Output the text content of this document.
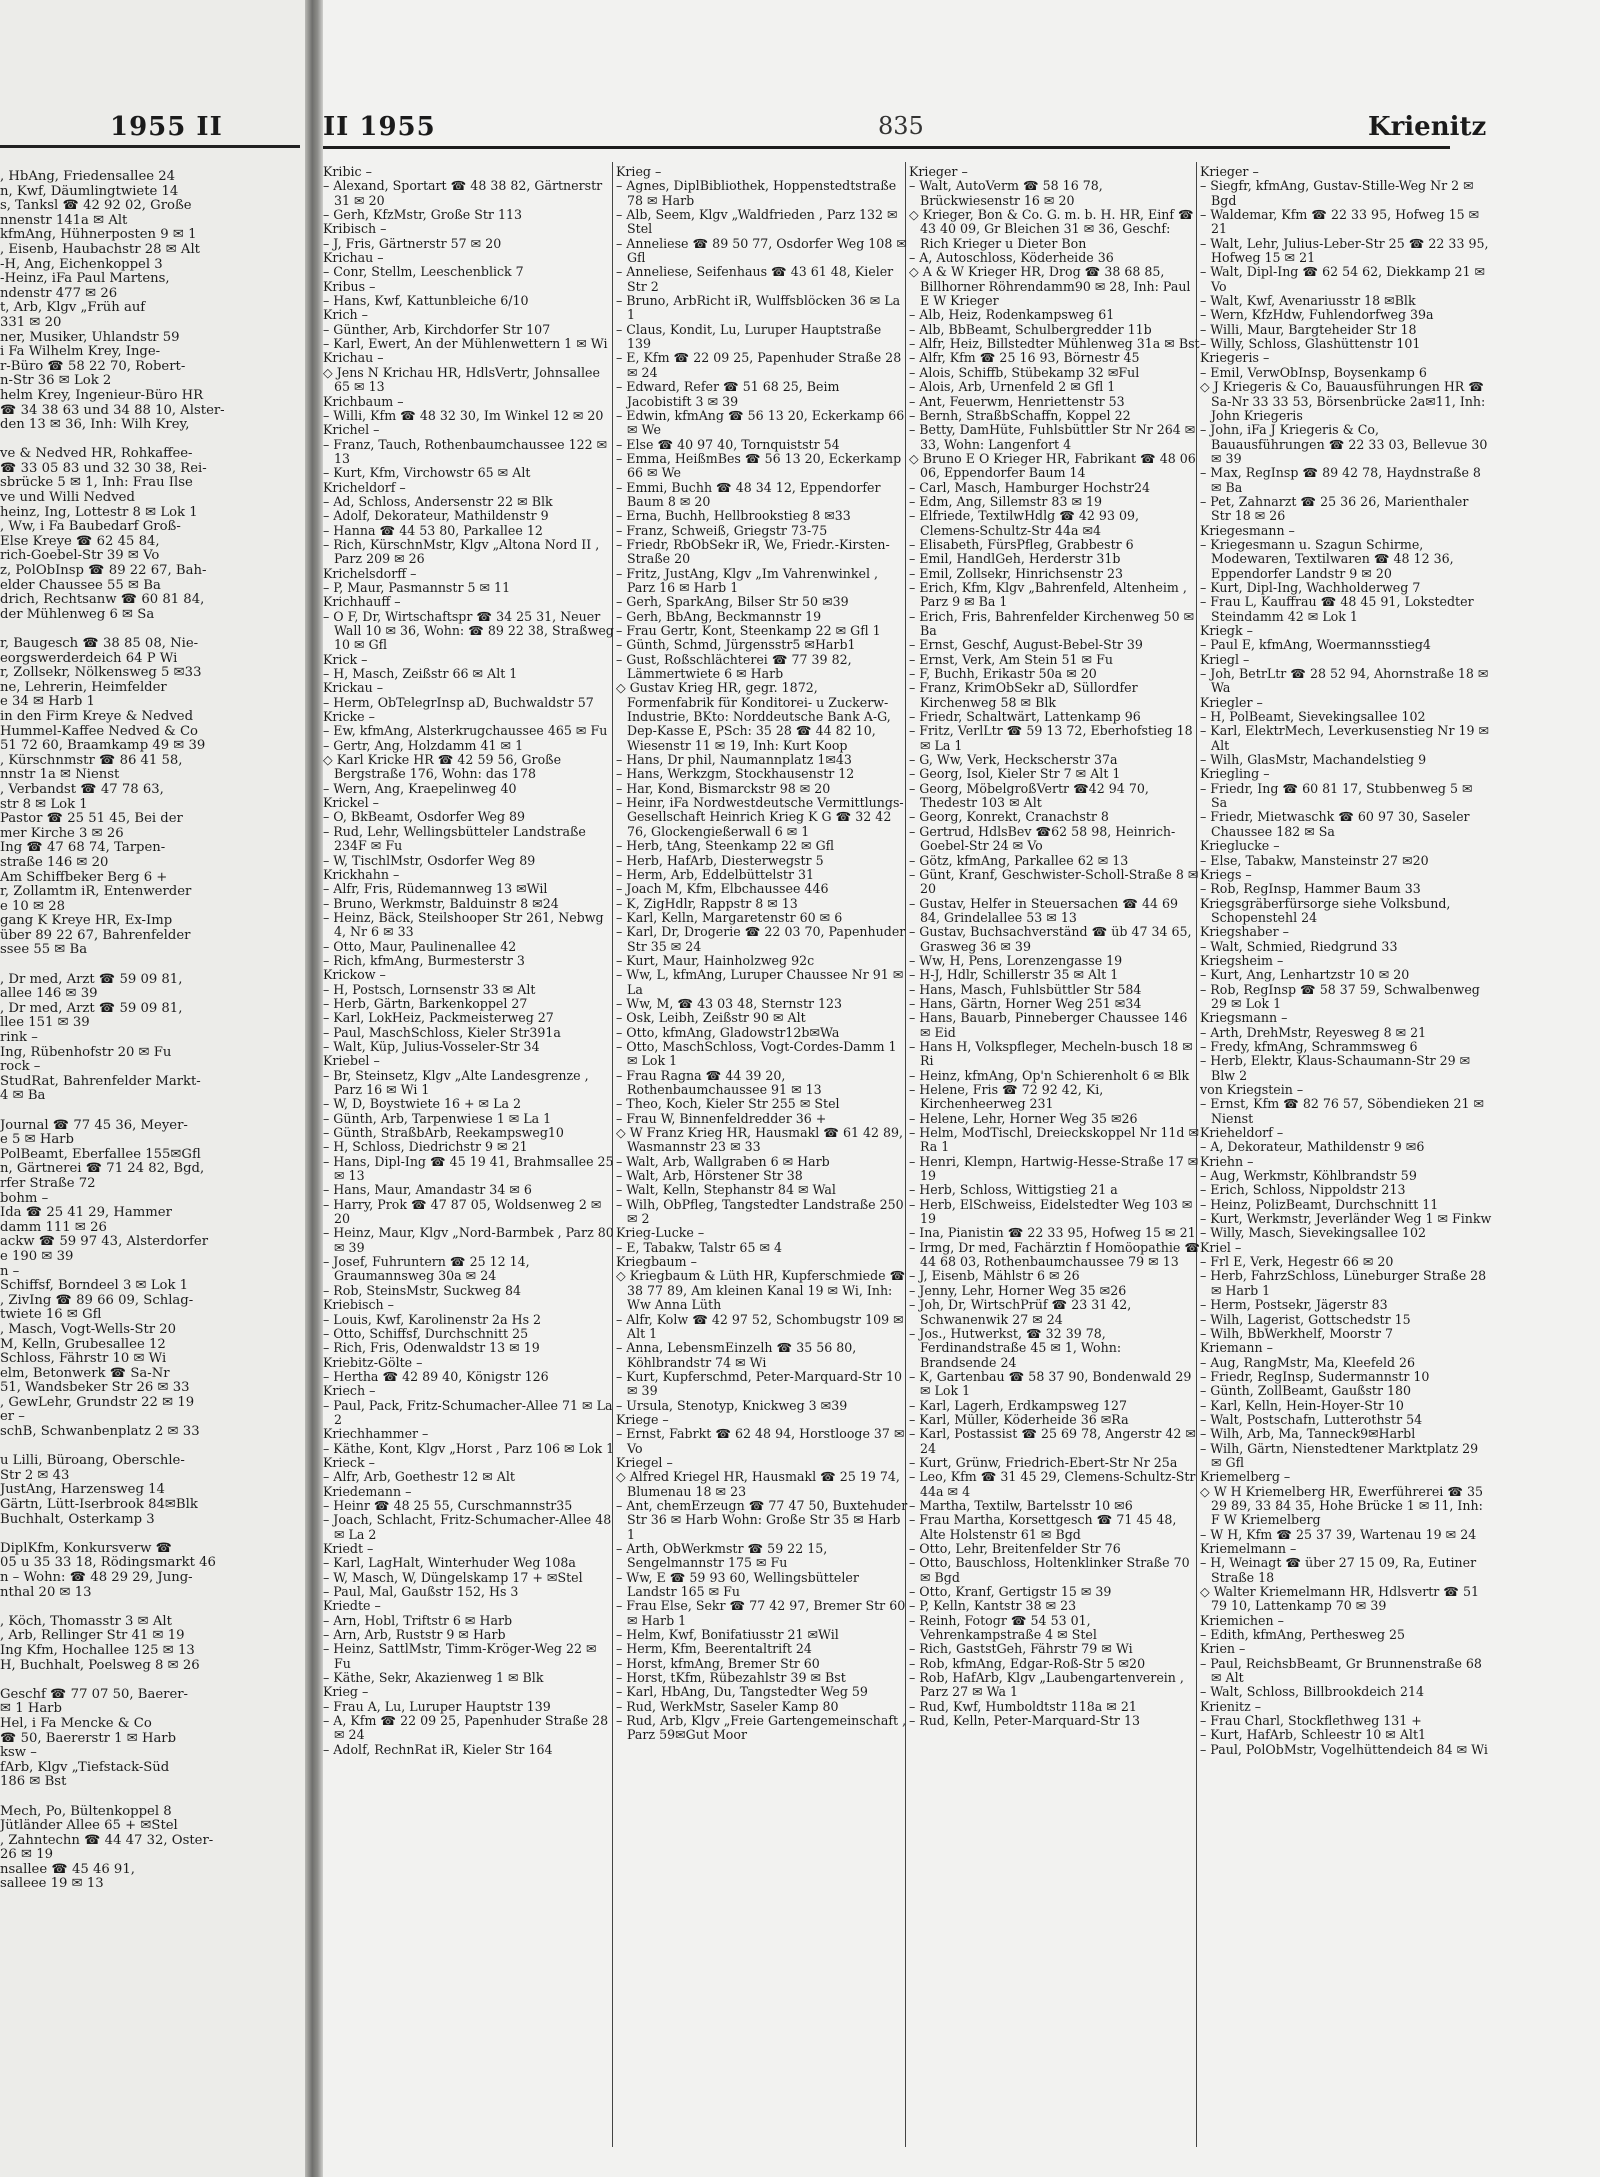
1955 II
, HbAng, Friedensallee 24
n, Kwf, Däumlingtwiete 14
s, Tanksl ☎ 42 92 02, Große
nnenstr 141a ✉ Alt
kfmAng, Hühnerposten 9 ✉ 1
, Eisenb, Haubachstr 28 ✉ Alt
-H, Ang, Eichenkoppel 3
-Heinz, iFa Paul Martens,
ndenstr 477 ✉ 26
t, Arb, Klgv „Früh auf
331 ✉ 20
ner, Musiker, Uhlandstr 59
i Fa Wilhelm Krey, Inge-
r-Büro ☎ 58 22 70, Robert-
n-Str 36 ✉ Lok 2
helm Krey, Ingenieur-Büro HR
☎ 34 38 63 und 34 88 10, Alster-
den 13 ✉ 36, Inh: Wilh Krey,

ve & Nedved HR, Rohkaffee-
☎ 33 05 83 und 32 30 38, Rei-
sbrücke 5 ✉ 1, Inh: Frau Ilse
ve und Willi Nedved
heinz, Ing, Lottestr 8 ✉ Lok 1
, Ww, i Fa Baubedarf Groß-
Else Kreye ☎ 62 45 84,
rich-Goebel-Str 39 ✉ Vo
z, PolObInsp ☎ 89 22 67, Bah-
elder Chaussee 55 ✉ Ba
drich, Rechtsanw ☎ 60 81 84,
der Mühlenweg 6 ✉ Sa

r, Baugesch ☎ 38 85 08, Nie-
eorgswerderdeich 64 P Wi
r, Zollsekr, Nölkensweg 5 ✉33
ne, Lehrerin, Heimfelder
e 34 ✉ Harb 1
in den Firm Kreye & Nedved
Hummel-Kaffee Nedved & Co
51 72 60, Braamkamp 49 ✉ 39
, Kürschnmstr ☎ 86 41 58,
nnstr 1a ✉ Nienst
, Verbandst ☎ 47 78 63,
str 8 ✉ Lok 1
Pastor ☎ 25 51 45, Bei der
mer Kirche 3 ✉ 26
Ing ☎ 47 68 74, Tarpen-
straße 146 ✉ 20
Am Schiffbeker Berg 6 +
r, Zollamtm iR, Entenwerder
e 10 ✉ 28
gang K Kreye HR, Ex-Imp
über 89 22 67, Bahrenfelder
ssee 55 ✉ Ba

, Dr med, Arzt ☎ 59 09 81,
allee 146 ✉ 39
, Dr med, Arzt ☎ 59 09 81,
llee 151 ✉ 39
rink –
Ing, Rübenhofstr 20 ✉ Fu
rock –
StudRat, Bahrenfelder Markt-
4 ✉ Ba

Journal ☎ 77 45 36, Meyer-
e 5 ✉ Harb
PolBeamt, Eberfallee 155✉Gfl
n, Gärtnerei ☎ 71 24 82, Bgd,
rfer Straße 72
bohm –
Ida ☎ 25 41 29, Hammer
damm 111 ✉ 26
ackw ☎ 59 97 43, Alsterdorfer
e 190 ✉ 39
n –
Schiffsf, Borndeel 3 ✉ Lok 1
, ZivIng ☎ 89 66 09, Schlag-
twiete 16 ✉ Gfl
, Masch, Vogt-Wells-Str 20
M, Kelln, Grubesallee 12
Schloss, Fährstr 10 ✉ Wi
elm, Betonwerk ☎ Sa-Nr
51, Wandsbeker Str 26 ✉ 33
, GewLehr, Grundstr 22 ✉ 19
er –
schB, Schwanbenplatz 2 ✉ 33

u Lilli, Büroang, Oberschle-
Str 2 ✉ 43
JustAng, Harzensweg 14
Gärtn, Lütt-Iserbrook 84✉Blk
Buchhalt, Osterkamp 3

DiplKfm, Konkursverw ☎
05 u 35 33 18, Rödingsmarkt 46
n – Wohn: ☎ 48 29 29, Jung-
nthal 20 ✉ 13

, Köch, Thomasstr 3 ✉ Alt
, Arb, Rellinger Str 41 ✉ 19
Ing Kfm, Hochallee 125 ✉ 13
H, Buchhalt, Poelsweg 8 ✉ 26

Geschf ☎ 77 07 50, Baerer-
✉ 1 Harb
Hel, i Fa Mencke & Co
☎ 50, Baererstr 1 ✉ Harb
ksw –
fArb, Klgv „Tiefstack-Süd
186 ✉ Bst

Mech, Po, Bültenkoppel 8
Jütländer Allee 65 + ✉Stel
, Zahntechn ☎ 44 47 32, Oster-
26 ✉ 19
nsallee ☎ 45 46 91,
salleee 19 ✉ 13
II 1955	835	Krienitz

Kribic –

– Alexand, Sportart ☎ 48 38 82, Gärtnerstr 31 ✉ 20

– Gerh, KfzMstr, Große Str 113

Kribisch –

– J, Fris, Gärtnerstr 57 ✉ 20

Krichau –

– Conr, Stellm, Leeschenblick 7

Kribus –

– Hans, Kwf, Kattunbleiche 6/10

Krich –

– Günther, Arb, Kirchdorfer Str 107

– Karl, Ewert, An der Mühlenwettern 1 ✉ Wi

Krichau –

◇ Jens N Krichau HR, HdlsVertr, Johnsallee 65 ✉ 13

Krichbaum –

– Willi, Kfm ☎ 48 32 30, Im Winkel 12 ✉ 20

Krichel –

– Franz, Tauch, Rothenbaumchaussee 122 ✉ 13

– Kurt, Kfm, Virchowstr 65 ✉ Alt

Kricheldorf –

– Ad, Schloss, Andersenstr 22 ✉ Blk

– Adolf, Dekorateur, Mathildenstr 9

– Hanna ☎ 44 53 80, Parkallee 12

– Rich, KürschnMstr, Klgv „Altona Nord II , Parz 209 ✉ 26

Krichelsdorff –

– P, Maur, Pasmannstr 5 ✉ 11

Krichhauff –

– O F, Dr, Wirtschaftspr ☎ 34 25 31, Neuer Wall 10 ✉ 36, Wohn: ☎ 89 22 38, Straßweg 10 ✉ Gfl

Krick –

– H, Masch, Zeißstr 66 ✉ Alt 1

Krickau –

– Herm, ObTelegrInsp aD, Buchwaldstr 57

Kricke –

– Ew, kfmAng, Alsterkrugchaussee 465 ✉ Fu

– Gertr, Ang, Holzdamm 41 ✉ 1

◇ Karl Kricke HR ☎ 42 59 56, Große Bergstraße 176, Wohn: das 178

– Wern, Ang, Kraepelinweg 40

Krickel –

– O, BkBeamt, Osdorfer Weg 89

– Rud, Lehr, Wellingsbütteler Landstraße 234F ✉ Fu

– W, TischlMstr, Osdorfer Weg 89

Krickhahn –

– Alfr, Fris, Rüdemannweg 13 ✉Wil

– Bruno, Werkmstr, Balduinstr 8 ✉24

– Heinz, Bäck, Steilshooper Str 261, Nebwg 4, Nr 6 ✉ 33

– Otto, Maur, Paulinenallee 42

– Rich, kfmAng, Burmesterstr 3

Krickow –

– H, Postsch, Lornsenstr 33 ✉ Alt

– Herb, Gärtn, Barkenkoppel 27

– Karl, LokHeiz, Packmeisterweg 27

– Paul, MaschSchloss, Kieler Str391a

– Walt, Küp, Julius-Vosseler-Str 34

Kriebel –

– Br, Steinsetz, Klgv „Alte Landesgrenze , Parz 16 ✉ Wi 1

– W, D, Boystwiete 16 + ✉ La 2

– Günth, Arb, Tarpenwiese 1 ✉ La 1

– Günth, StraßbArb, Reekampsweg10

– H, Schloss, Diedrichstr 9 ✉ 21

– Hans, Dipl-Ing ☎ 45 19 41, Brahmsallee 25 ✉ 13

– Hans, Maur, Amandastr 34 ✉ 6

– Harry, Prok ☎ 47 87 05, Woldsenweg 2 ✉ 20

– Heinz, Maur, Klgv „Nord-Barmbek , Parz 80 ✉ 39

– Josef, Fuhruntern ☎ 25 12 14, Graumannsweg 30a ✉ 24

– Rob, SteinsMstr, Suckweg 84

Kriebisch –

– Louis, Kwf, Karolinenstr 2a Hs 2

– Otto, Schiffsf, Durchschnitt 25

– Rich, Fris, Odenwaldstr 13 ✉ 19

Kriebitz-Gölte –

– Hertha ☎ 42 89 40, Königstr 126

Kriech –

– Paul, Pack, Fritz-Schumacher-Allee 71 ✉ La 2

Kriechhammer –

– Käthe, Kont, Klgv „Horst , Parz 106 ✉ Lok 1

Krieck –

– Alfr, Arb, Goethestr 12 ✉ Alt

Kriedemann –

– Heinr ☎ 48 25 55, Curschmannstr35

– Joach, Schlacht, Fritz-Schumacher-Allee 48 ✉ La 2

Kriedt –

– Karl, LagHalt, Winterhuder Weg 108a

– W, Masch, W, Düngelskamp 17 + ✉Stel

– Paul, Mal, Gaußstr 152, Hs 3

Kriedte –

– Arn, Hobl, Triftstr 6 ✉ Harb

– Arn, Arb, Ruststr 9 ✉ Harb

– Heinz, SattlMstr, Timm-Kröger-Weg 22 ✉ Fu

– Käthe, Sekr, Akazienweg 1 ✉ Blk

Krieg –

– Frau A, Lu, Luruper Hauptstr 139

– A, Kfm ☎ 22 09 25, Papenhuder Straße 28 ✉ 24

– Adolf, RechnRat iR, Kieler Str 164

Krieg –

– Agnes, DiplBibliothek, Hoppenstedtstraße 78 ✉ Harb

– Alb, Seem, Klgv „Waldfrieden , Parz 132 ✉ Stel

– Anneliese ☎ 89 50 77, Osdorfer Weg 108 ✉ Gfl

– Anneliese, Seifenhaus ☎ 43 61 48, Kieler Str 2

– Bruno, ArbRicht iR, Wulffsblöcken 36 ✉ La 1

– Claus, Kondit, Lu, Luruper Hauptstraße 139

– E, Kfm ☎ 22 09 25, Papenhuder Straße 28 ✉ 24

– Edward, Refer ☎ 51 68 25, Beim Jacobistift 3 ✉ 39

– Edwin, kfmAng ☎ 56 13 20, Eckerkamp 66 ✉ We

– Else ☎ 40 97 40, Tornquiststr 54

– Emma, HeißmBes ☎ 56 13 20, Eckerkamp 66 ✉ We

– Emmi, Buchh ☎ 48 34 12, Eppendorfer Baum 8 ✉ 20

– Erna, Buchh, Hellbrookstieg 8 ✉33

– Franz, Schweiß, Griegstr 73-75

– Friedr, RbObSekr iR, We, Friedr.-Kirsten-Straße 20

– Fritz, JustAng, Klgv „Im Vahrenwinkel , Parz 16 ✉ Harb 1

– Gerh, SparkAng, Bilser Str 50 ✉39

– Gerh, BbAng, Beckmannstr 19

– Frau Gertr, Kont, Steenkamp 22 ✉ Gfl 1

– Günth, Schmd, Jürgensstr5 ✉Harb1

– Gust, Roßschlächterei ☎ 77 39 82, Lämmertwiete 6 ✉ Harb

◇ Gustav Krieg HR, gegr. 1872, Formenfabrik für Konditorei- u Zuckerw-Industrie, BKto: Norddeutsche Bank A-G, Dep-Kasse E, PSch: 35 28 ☎ 44 82 10, Wiesenstr 11 ✉ 19, Inh: Kurt Koop

– Hans, Dr phil, Naumannplatz 1✉43

– Hans, Werkzgm, Stockhausenstr 12

– Har, Kond, Bismarckstr 98 ✉ 20

– Heinr, iFa Nordwestdeutsche Vermittlungs-Gesellschaft Heinrich Krieg K G ☎ 32 42 76, Glockengießerwall 6 ✉ 1

– Herb, tAng, Steenkamp 22 ✉ Gfl

– Herb, HafArb, Diesterwegstr 5

– Herm, Arb, Eddelbüttelstr 31

– Joach M, Kfm, Elbchaussee 446

– K, ZigHdlr, Rappstr 8 ✉ 13

– Karl, Kelln, Margaretenstr 60 ✉ 6

– Karl, Dr, Drogerie ☎ 22 03 70, Papenhuder Str 35 ✉ 24

– Kurt, Maur, Hainholzweg 92c

– Ww, L, kfmAng, Luruper Chaussee Nr 91 ✉ La

– Ww, M, ☎ 43 03 48, Sternstr 123

– Osk, Leibh, Zeißstr 90 ✉ Alt

– Otto, kfmAng, Gladowstr12b✉Wa

– Otto, MaschSchloss, Vogt-Cordes-Damm 1 ✉ Lok 1

– Frau Ragna ☎ 44 39 20, Rothenbaumchaussee 91 ✉ 13

– Theo, Koch, Kieler Str 255 ✉ Stel

– Frau W, Binnenfeldredder 36 +

◇ W Franz Krieg HR, Hausmakl ☎ 61 42 89, Wasmannstr 23 ✉ 33

– Walt, Arb, Wallgraben 6 ✉ Harb

– Walt, Arb, Hörstener Str 38

– Walt, Kelln, Stephanstr 84 ✉ Wal

– Wilh, ObPfleg, Tangstedter Landstraße 250 ✉ 2

Krieg-Lucke –

– E, Tabakw, Talstr 65 ✉ 4

Kriegbaum –

◇ Kriegbaum & Lüth HR, Kupferschmiede ☎ 38 77 89, Am kleinen Kanal 19 ✉ Wi, Inh: Ww Anna Lüth

– Alfr, Kolw ☎ 42 97 52, Schombugstr 109 ✉ Alt 1

– Anna, LebensmEinzelh ☎ 35 56 80, Köhlbrandstr 74 ✉ Wi

– Kurt, Kupferschmd, Peter-Marquard-Str 10 ✉ 39

– Ursula, Stenotyp, Knickweg 3 ✉39

Kriege –

– Ernst, Fabrkt ☎ 62 48 94, Horstlooge 37 ✉ Vo

Kriegel –

◇ Alfred Kriegel HR, Hausmakl ☎ 25 19 74, Blumenau 18 ✉ 23

– Ant, chemErzeugn ☎ 77 47 50, Buxtehuder Str 36 ✉ Harb Wohn: Große Str 35 ✉ Harb 1

– Arth, ObWerkmstr ☎ 59 22 15, Sengelmannstr 175 ✉ Fu

– Ww, E ☎ 59 93 60, Wellingsbütteler Landstr 165 ✉ Fu

– Frau Else, Sekr ☎ 77 42 97, Bremer Str 60 ✉ Harb 1

– Helm, Kwf, Bonifatiusstr 21 ✉Wil

– Herm, Kfm, Beerentaltrift 24

– Horst, kfmAng, Bremer Str 60

– Horst, tKfm, Rübezahlstr 39 ✉ Bst

– Karl, HbAng, Du, Tangstedter Weg 59

– Rud, WerkMstr, Saseler Kamp 80

– Rud, Arb, Klgv „Freie Gartengemeinschaft , Parz 59✉Gut Moor

Krieger –

– Walt, AutoVerm ☎ 58 16 78, Brückwiesenstr 16 ✉ 20

◇ Krieger, Bon & Co. G. m. b. H. HR, Einf ☎ 43 40 09, Gr Bleichen 31 ✉ 36, Geschf: Rich Krieger u Dieter Bon

– A, Autoschloss, Köderheide 36

◇ A & W Krieger HR, Drog ☎ 38 68 85, Billhorner Röhrendamm90 ✉ 28, Inh: Paul E W Krieger

– Alb, Heiz, Rodenkampsweg 61

– Alb, BbBeamt, Schulbergredder 11b

– Alfr, Heiz, Billstedter Mühlenweg 31a ✉ Bst

– Alfr, Kfm ☎ 25 16 93, Börnestr 45

– Alois, Schiffb, Stübekamp 32 ✉Ful

– Alois, Arb, Urnenfeld 2 ✉ Gfl 1

– Ant, Feuerwm, Henriettenstr 53

– Bernh, StraßbSchaffn, Koppel 22

– Betty, DamHüte, Fuhlsbüttler Str Nr 264 ✉ 33, Wohn: Langenfort 4

◇ Bruno E O Krieger HR, Fabrikant ☎ 48 06 06, Eppendorfer Baum 14

– Carl, Masch, Hamburger Hochstr24

– Edm, Ang, Sillemstr 83 ✉ 19

– Elfriede, TextilwHdlg ☎ 42 93 09, Clemens-Schultz-Str 44a ✉4

– Elisabeth, FürsPfleg, Grabbestr 6

– Emil, HandlGeh, Herderstr 31b

– Emil, Zollsekr, Hinrichsenstr 23

– Erich, Kfm, Klgv „Bahrenfeld, Altenheim , Parz 9 ✉ Ba 1

– Erich, Fris, Bahrenfelder Kirchenweg 50 ✉ Ba

– Ernst, Geschf, August-Bebel-Str 39

– Ernst, Verk, Am Stein 51 ✉ Fu

– F, Buchh, Erikastr 50a ✉ 20

– Franz, KrimObSekr aD, Süllordfer Kirchenweg 58 ✉ Blk

– Friedr, Schaltwärt, Lattenkamp 96

– Fritz, VerlLtr ☎ 59 13 72, Eberhofstieg 18 ✉ La 1

– G, Ww, Verk, Heckscherstr 37a

– Georg, Isol, Kieler Str 7 ✉ Alt 1

– Georg, MöbelgroßVertr ☎42 94 70, Thedestr 103 ✉ Alt

– Georg, Konrekt, Cranachstr 8

– Gertrud, HdlsBev ☎62 58 98, Heinrich-Goebel-Str 24 ✉ Vo

– Götz, kfmAng, Parkallee 62 ✉ 13

– Günt, Kranf, Geschwister-Scholl-Straße 8 ✉ 20

– Gustav, Helfer in Steuersachen ☎ 44 69 84, Grindelallee 53 ✉ 13

– Gustav, Buchsachverständ ☎ üb 47 34 65, Grasweg 36 ✉ 39

– Ww, H, Pens, Lorenzengasse 19

– H-J, Hdlr, Schillerstr 35 ✉ Alt 1

– Hans, Masch, Fuhlsbüttler Str 584

– Hans, Gärtn, Horner Weg 251 ✉34

– Hans, Bauarb, Pinneberger Chaussee 146 ✉ Eid

– Hans H, Volkspfleger, Mecheln-busch 18 ✉ Ri

– Heinz, kfmAng, Op'n Schierenholt 6 ✉ Blk

– Helene, Fris ☎ 72 92 42, Ki, Kirchenheerweg 231

– Helene, Lehr, Horner Weg 35 ✉26

– Helm, ModTischl, Dreieckskoppel Nr 11d ✉ Ra 1

– Henri, Klempn, Hartwig-Hesse-Straße 17 ✉ 19

– Herb, Schloss, Wittigstieg 21 a

– Herb, ElSchweiss, Eidelstedter Weg 103 ✉ 19

– Ina, Pianistin ☎ 22 33 95, Hofweg 15 ✉ 21

– Irmg, Dr med, Fachärztin f Homöopathie ☎ 44 68 03, Rothenbaumchaussee 79 ✉ 13

– J, Eisenb, Mählstr 6 ✉ 26

– Jenny, Lehr, Horner Weg 35 ✉26

– Joh, Dr, WirtschPrüf ☎ 23 31 42, Schwanenwik 27 ✉ 24

– Jos., Hutwerkst, ☎ 32 39 78, Ferdinandstraße 45 ✉ 1, Wohn: Brandsende 24

– K, Gartenbau ☎ 58 37 90, Bondenwald 29 ✉ Lok 1

– Karl, Lagerh, Erdkampsweg 127

– Karl, Müller, Köderheide 36 ✉Ra

– Karl, Postassist ☎ 25 69 78, Angerstr 42 ✉ 24

– Kurt, Grünw, Friedrich-Ebert-Str Nr 25a

– Leo, Kfm ☎ 31 45 29, Clemens-Schultz-Str 44a ✉ 4

– Martha, Textilw, Bartelsstr 10 ✉6

– Frau Martha, Korsettgesch ☎ 71 45 48, Alte Holstenstr 61 ✉ Bgd

– Otto, Lehr, Breitenfelder Str 76

– Otto, Bauschloss, Holtenklinker Straße 70 ✉ Bgd

– Otto, Kranf, Gertigstr 15 ✉ 39

– P, Kelln, Kantstr 38 ✉ 23

– Reinh, Fotogr ☎ 54 53 01, Vehrenkampstraße 4 ✉ Stel

– Rich, GaststGeh, Fährstr 79 ✉ Wi

– Rob, kfmAng, Edgar-Roß-Str 5 ✉20

– Rob, HafArb, Klgv „Laubengartenverein , Parz 27 ✉ Wa 1

– Rud, Kwf, Humboldtstr 118a ✉ 21

– Rud, Kelln, Peter-Marquard-Str 13

Krieger –

– Siegfr, kfmAng, Gustav-Stille-Weg Nr 2 ✉ Bgd

– Waldemar, Kfm ☎ 22 33 95, Hofweg 15 ✉ 21

– Walt, Lehr, Julius-Leber-Str 25 ☎ 22 33 95, Hofweg 15 ✉ 21

– Walt, Dipl-Ing ☎ 62 54 62, Diekkamp 21 ✉ Vo

– Walt, Kwf, Avenariusstr 18 ✉Blk

– Wern, KfzHdw, Fuhlendorfweg 39a

– Willi, Maur, Bargteheider Str 18

– Willy, Schloss, Glashüttenstr 101

Kriegeris –

– Emil, VerwObInsp, Boysenkamp 6

◇ J Kriegeris & Co, Bauausführungen HR ☎ Sa-Nr 33 33 53, Börsenbrücke 2a✉11, Inh: John Kriegeris

– John, iFa J Kriegeris & Co, Bauausführungen ☎ 22 33 03, Bellevue 30 ✉ 39

– Max, RegInsp ☎ 89 42 78, Haydnstraße 8 ✉ Ba

– Pet, Zahnarzt ☎ 25 36 26, Marienthaler Str 18 ✉ 26

Kriegesmann –

– Kriegesmann u. Szagun Schirme, Modewaren, Textilwaren ☎ 48 12 36, Eppendorfer Landstr 9 ✉ 20

– Kurt, Dipl-Ing, Wachholderweg 7

– Frau L, Kauffrau ☎ 48 45 91, Lokstedter Steindamm 42 ✉ Lok 1

Kriegk –

– Paul E, kfmAng, Woermannsstieg4

Kriegl –

– Joh, BetrLtr ☎ 28 52 94, Ahornstraße 18 ✉ Wa

Kriegler –

– H, PolBeamt, Sievekingsallee 102

– Karl, ElektrMech, Leverkusenstieg Nr 19 ✉ Alt

– Wilh, GlasMstr, Machandelstieg 9

Kriegling –

– Friedr, Ing ☎ 60 81 17, Stubbenweg 5 ✉ Sa

– Friedr, Mietwaschk ☎ 60 97 30, Saseler Chaussee 182 ✉ Sa

Krieglucke –

– Else, Tabakw, Mansteinstr 27 ✉20

Kriegs –

– Rob, RegInsp, Hammer Baum 33

Kriegsgräberfürsorge siehe Volksbund, Schopenstehl 24

Kriegshaber –

– Walt, Schmied, Riedgrund 33

Kriegsheim –

– Kurt, Ang, Lenhartzstr 10 ✉ 20

– Rob, RegInsp ☎ 58 37 59, Schwalbenweg 29 ✉ Lok 1

Kriegsmann –

– Arth, DrehMstr, Reyesweg 8 ✉ 21

– Fredy, kfmAng, Schrammsweg 6

– Herb, Elektr, Klaus-Schaumann-Str 29 ✉ Blw 2

von Kriegstein –

– Ernst, Kfm ☎ 82 76 57, Söbendieken 21 ✉ Nienst

Krieheldorf –

– A, Dekorateur, Mathildenstr 9 ✉6

Kriehn –

– Aug, Werkmstr, Köhlbrandstr 59

– Erich, Schloss, Nippoldstr 213

– Heinz, PolizBeamt, Durchschnitt 11

– Kurt, Werkmstr, Jeverländer Weg 1 ✉ Finkw

– Willy, Masch, Sievekingsallee 102

Kriel –

– Frl E, Verk, Hegestr 66 ✉ 20

– Herb, FahrzSchloss, Lüneburger Straße 28 ✉ Harb 1

– Herm, Postsekr, Jägerstr 83

– Wilh, Lagerist, Gottschedstr 15

– Wilh, BbWerkhelf, Moorstr 7

Kriemann –

– Aug, RangMstr, Ma, Kleefeld 26

– Friedr, RegInsp, Sudermannstr 10

– Günth, ZollBeamt, Gaußstr 180

– Karl, Kelln, Hein-Hoyer-Str 10

– Walt, Postschafn, Lutterothstr 54

– Wilh, Arb, Ma, Tanneck9✉Harbl

– Wilh, Gärtn, Nienstedtener Marktplatz 29 ✉ Gfl

Kriemelberg –

◇ W H Kriemelberg HR, Ewerführerei ☎ 35 29 89, 33 84 35, Hohe Brücke 1 ✉ 11, Inh: F W Kriemelberg

– W H, Kfm ☎ 25 37 39, Wartenau 19 ✉ 24

Kriemelmann –

– H, Weinagt ☎ über 27 15 09, Ra, Eutiner Straße 18

◇ Walter Kriemelmann HR, Hdlsvertr ☎ 51 79 10, Lattenkamp 70 ✉ 39

Kriemichen –

– Edith, kfmAng, Perthesweg 25

Krien –

– Paul, ReichsbBeamt, Gr Brunnenstraße 68 ✉ Alt

– Walt, Schloss, Billbrookdeich 214

Krienitz –

– Frau Charl, Stockflethweg 131 +

– Kurt, HafArb, Schleestr 10 ✉ Alt1

– Paul, PolObMstr, Vogelhüttendeich 84 ✉ Wi
